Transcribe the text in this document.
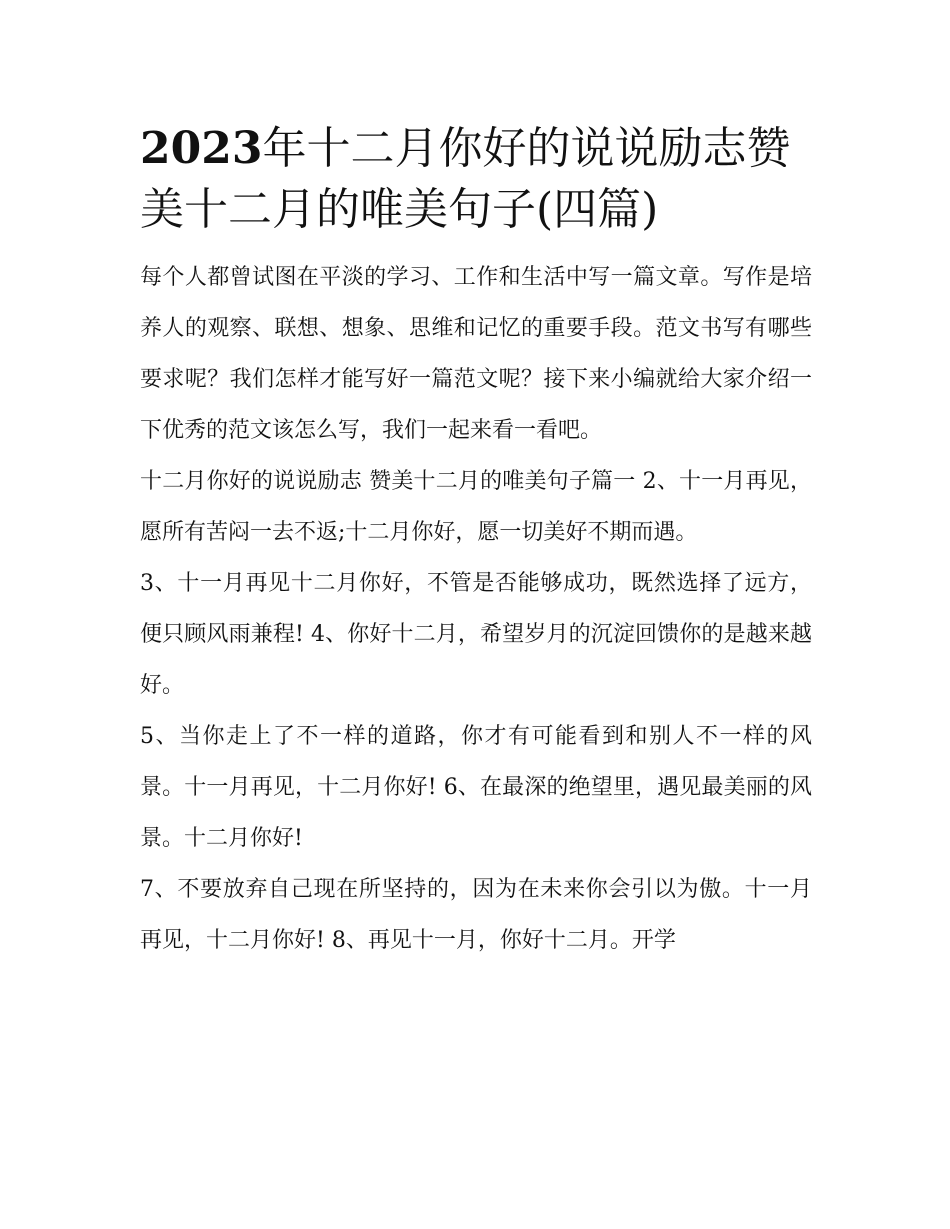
2023年十二月你好的说说励志赞美十二月的唯美句子(四篇)

每个人都曾试图在平淡的学习、工作和生活中写一篇文章。写作是培养人的观察、联想、想象、思维和记忆的重要手段。范文书写有哪些要求呢？我们怎样才能写好一篇范文呢？接下来小编就给大家介绍一下优秀的范文该怎么写，我们一起来看一看吧。

十二月你好的说说励志 赞美十二月的唯美句子篇一 2、十一月再见，愿所有苦闷一去不返;十二月你好，愿一切美好不期而遇。

3、十一月再见十二月你好，不管是否能够成功，既然选择了远方，便只顾风雨兼程! 4、你好十二月，希望岁月的沉淀回馈你的是越来越好。

5、当你走上了不一样的道路，你才有可能看到和别人不一样的风景。十一月再见，十二月你好! 6、在最深的绝望里，遇见最美丽的风景。十二月你好!

7、不要放弃自己现在所坚持的，因为在未来你会引以为傲。十一月再见，十二月你好! 8、再见十一月，你好十二月。开学
